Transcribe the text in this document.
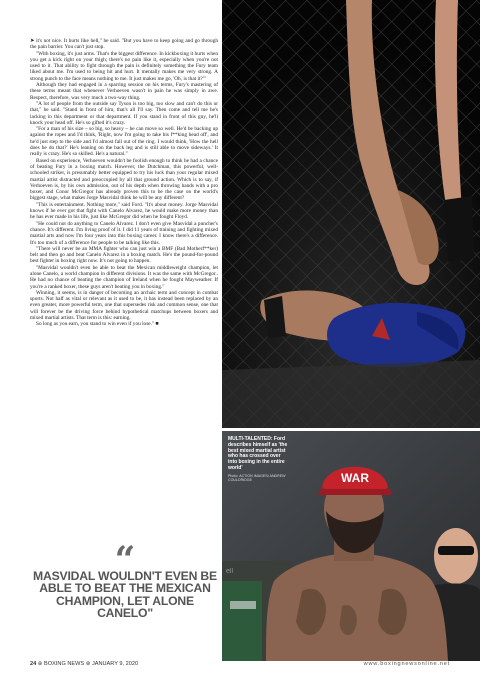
➤ it's not nice. It hurts like hell," he said. "But you have to keep going and go through the pain barrier. You can't just stop.

"With boxing, it's just arms. That's the biggest difference. In kickboxing it hurts when you get a kick right on your thigh; there's no pain like it, especially when you're not used to it. That ability to fight through the pain is definitely something the Fury team liked about me. I'm used to being hit and hurt. It mentally makes me very strong. A strong punch to the face means nothing to me. It just makes me go, 'Oh, is that it?'"

Although they had engaged in a sparring session on his terms, Fury's mastering of these terms meant that whenever Verhoeven wasn't in pain he was simply in awe. Respect, therefore, was very much a two-way thing.

"A lot of people from the outside say Tyson is too big, too slow and can't do this or that," he said. "Stand in front of him, that's all I'll say. Then come and tell me he's lacking in this department or that department. If you stand in front of this guy, he'll knock your head off. He's so gifted it's crazy.

"For a man of his size – so big, so heavy – he can move so well. He'd be backing up against the ropes and I'd think, 'Right, now I'm going to take his f**king head off', and he'd just step to the side and I'd almost fall out of the ring. I would think, 'How the hell does he do that?' He's leaning on the back leg and is still able to move sideways.' It really is crazy. He's so skilled. He's a natural."

Based on experience, Verhoeven wouldn't be foolish enough to think he had a chance of beating Fury in a boxing match. However, the Dutchman, this powerful, well-schooled striker, is presumably better equipped to try his luck than your regular mixed martial artist distracted and preoccupied by all that ground action. Which is to say, if Verhoeven is, by his own admission, out of his depth when throwing hands with a pro boxer, and Conor McGregor has already proven this to be the case on the world's biggest stage, what makes Jorge Masvidal think he will be any different?

"This is entertainment. Nothing more," said Ford. "It's about money. Jorge Masvidal knows if he ever got that fight with Canelo Alvarez, he would make more money than he has ever made in his life, just like McGregor did when he fought Floyd.

"He could not do anything to Canelo Alvarez. I don't even give Masvidal a puncher's chance. It's different. I'm living proof of it. I did 11 years of training and fighting mixed martial arts and now I'm four years into this boxing career. I know there's a difference. It's too much of a difference for people to be talking like this.

"There will never be an MMA fighter who can just win a BMF (Bad Motherf**ker) belt and then go and beat Canelo Alvarez in a boxing match. He's the pound-for-pound best fighter in boxing right now. It's not going to happen.

"Masvidal wouldn't even be able to beat the Mexican middleweight champion, let alone Canelo, a world champion in different divisions. It was the same with McGregor.. He had no chance of beating the champion of Ireland when he fought Mayweather. If you're a ranked boxer, these guys aren't beating you in boxing."

Winning, it seems, is in danger of becoming an archaic term and concept in combat sports. Not half as vital or relevant as it used to be, it has instead been replaced by an even greater, more powerful term, one that supersedes risk and common sense, one that will forever be the driving force behind hypothetical matchups between boxers and mixed martial artists. That term is this: earning.

So long as you earn, you stand to win even if you lose." ■

“
MASVIDAL WOULDN'T EVEN BE ABLE TO BEAT THE MEXICAN CHAMPION, LET ALONE CANELO"
WAR
ell

MULTI-TALENTED: Ford describes himself as 'the best mixed martial artist who has crossed over into boxing in the entire world'

Photo: ACTION IMAGES/ ANDREW COULDRIDGE

24 ⊛ BOXING NEWS ⊛ JANUARY 9, 2020	www.boxingnewsonline.net
